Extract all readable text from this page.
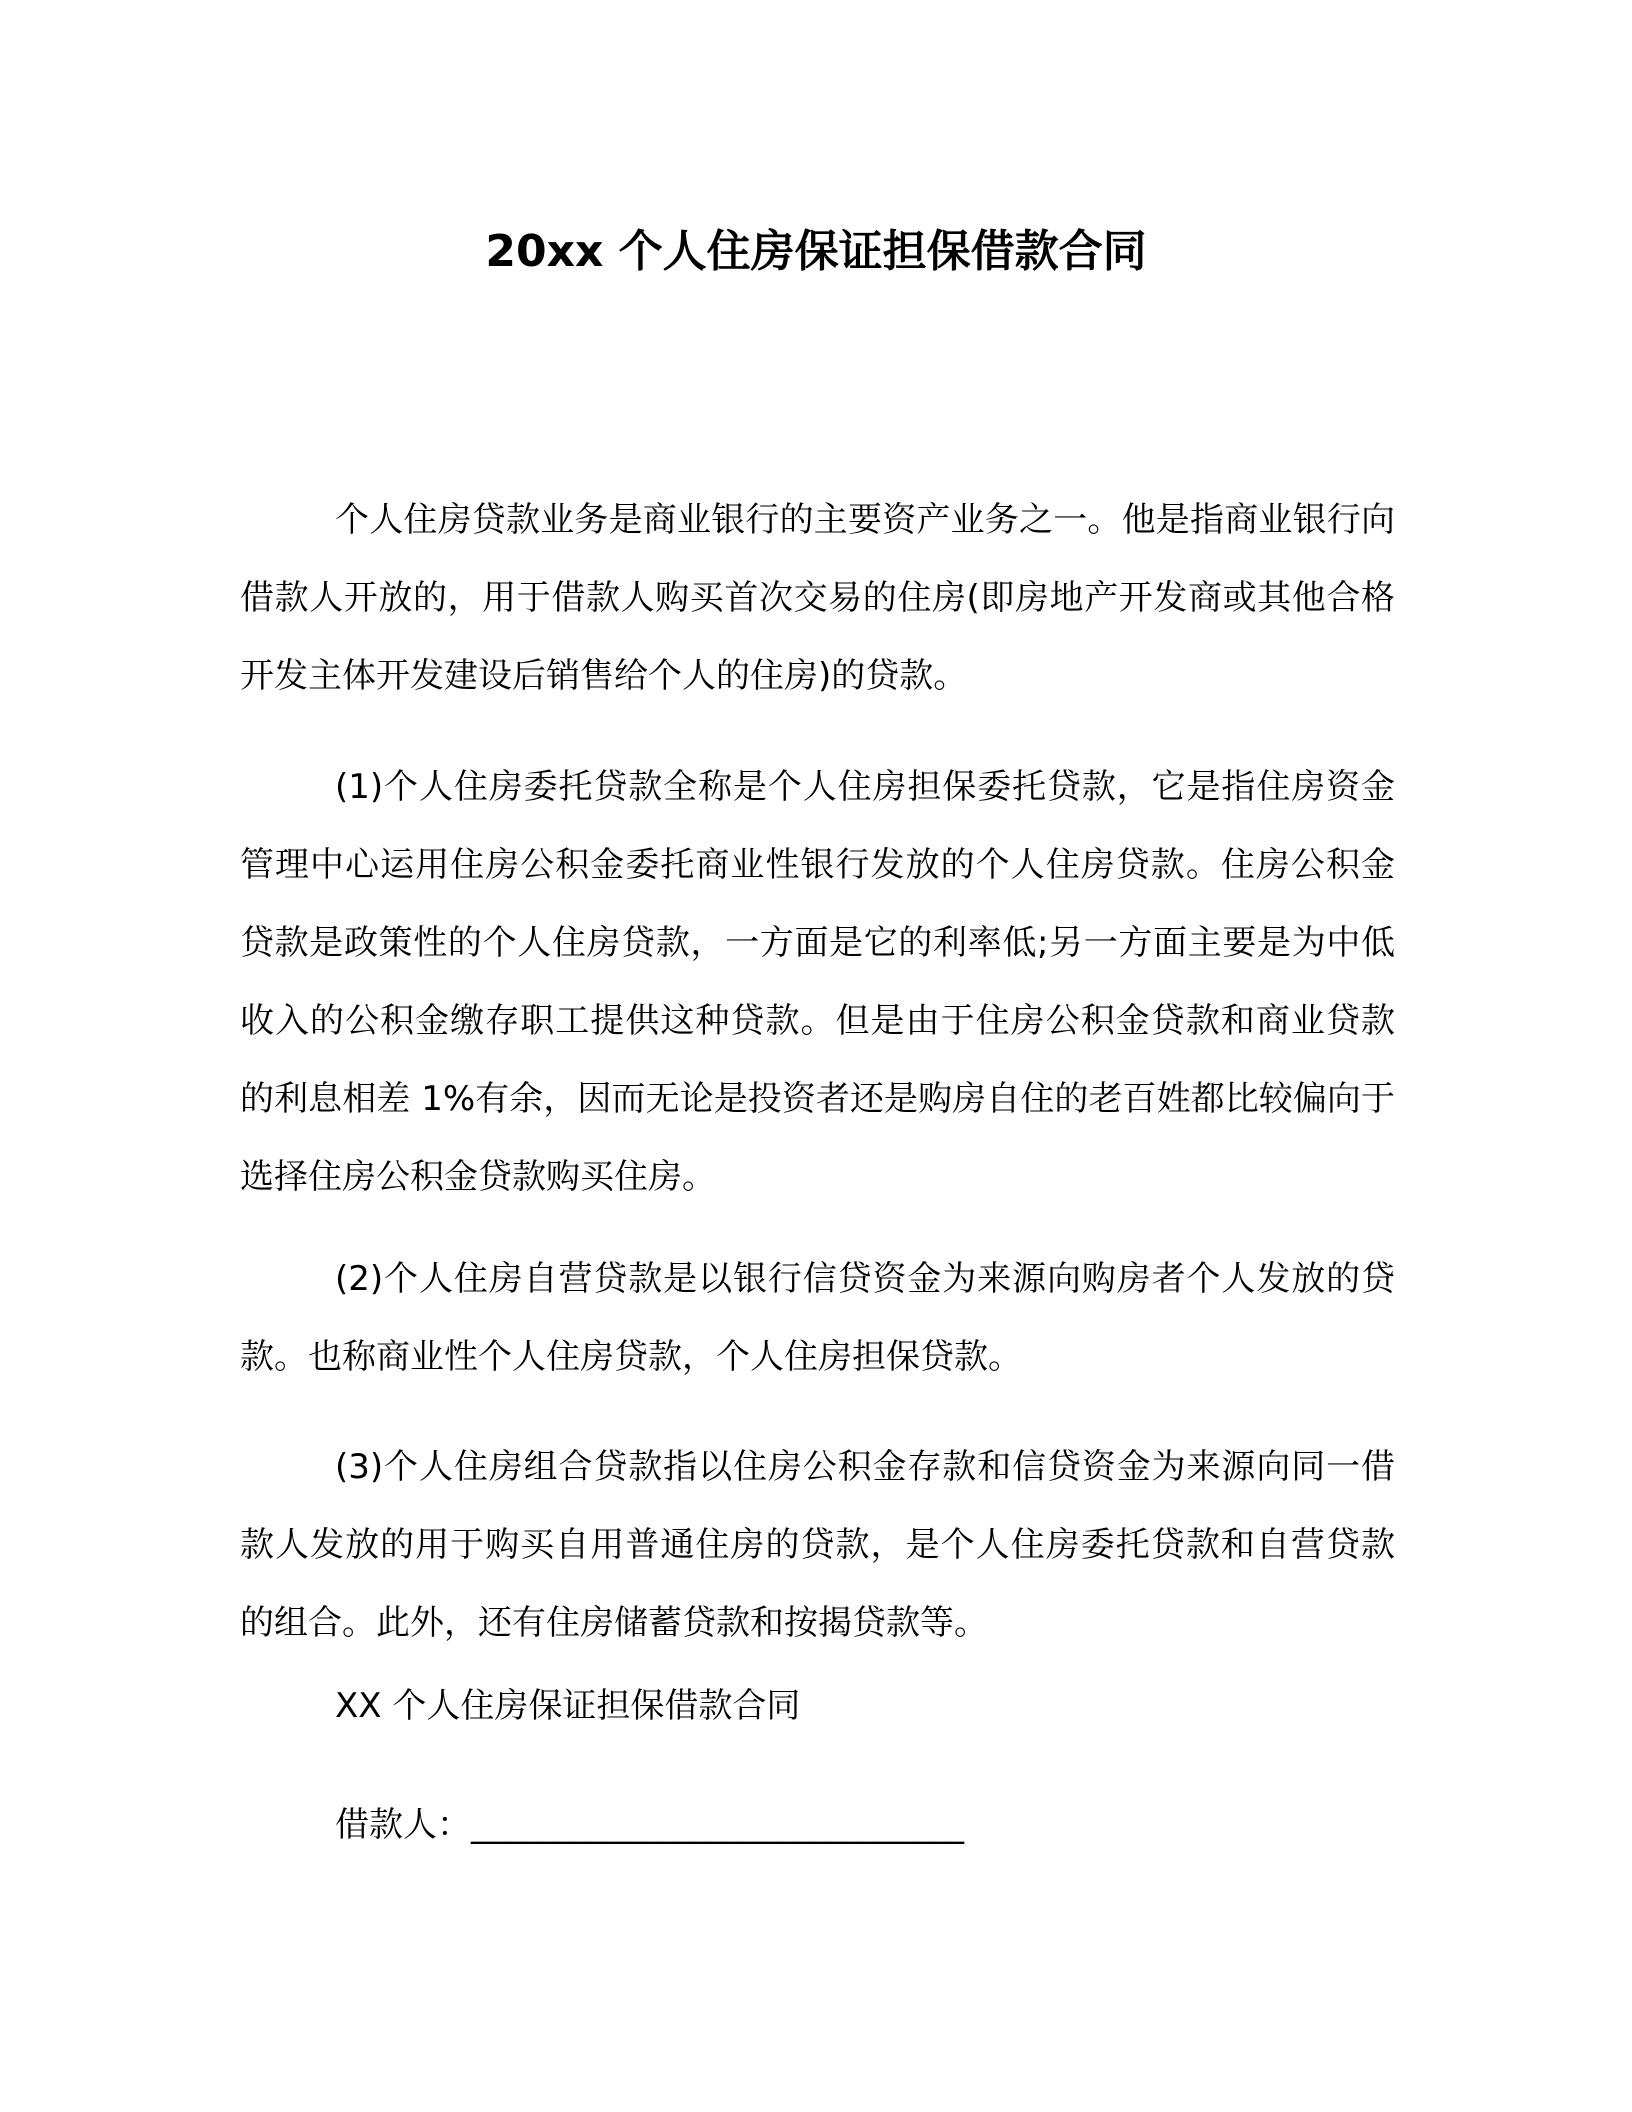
20xx 个人住房保证担保借款合同

个人住房贷款业务是商业银行的主要资产业务之一。他是指商业银行向借款人开放的，用于借款人购买首次交易的住房(即房地产开发商或其他合格开发主体开发建设后销售给个人的住房)的贷款。

(1)个人住房委托贷款全称是个人住房担保委托贷款，它是指住房资金管理中心运用住房公积金委托商业性银行发放的个人住房贷款。住房公积金贷款是政策性的个人住房贷款，一方面是它的利率低;另一方面主要是为中低收入的公积金缴存职工提供这种贷款。但是由于住房公积金贷款和商业贷款的利息相差 1%有余，因而无论是投资者还是购房自住的老百姓都比较偏向于选择住房公积金贷款购买住房。

(2)个人住房自营贷款是以银行信贷资金为来源向购房者个人发放的贷款。也称商业性个人住房贷款，个人住房担保贷款。

(3)个人住房组合贷款指以住房公积金存款和信贷资金为来源向同一借款人发放的用于购买自用普通住房的贷款，是个人住房委托贷款和自营贷款的组合。此外，还有住房储蓄贷款和按揭贷款等。

XX 个人住房保证担保借款合同

借款人：_____________________________
